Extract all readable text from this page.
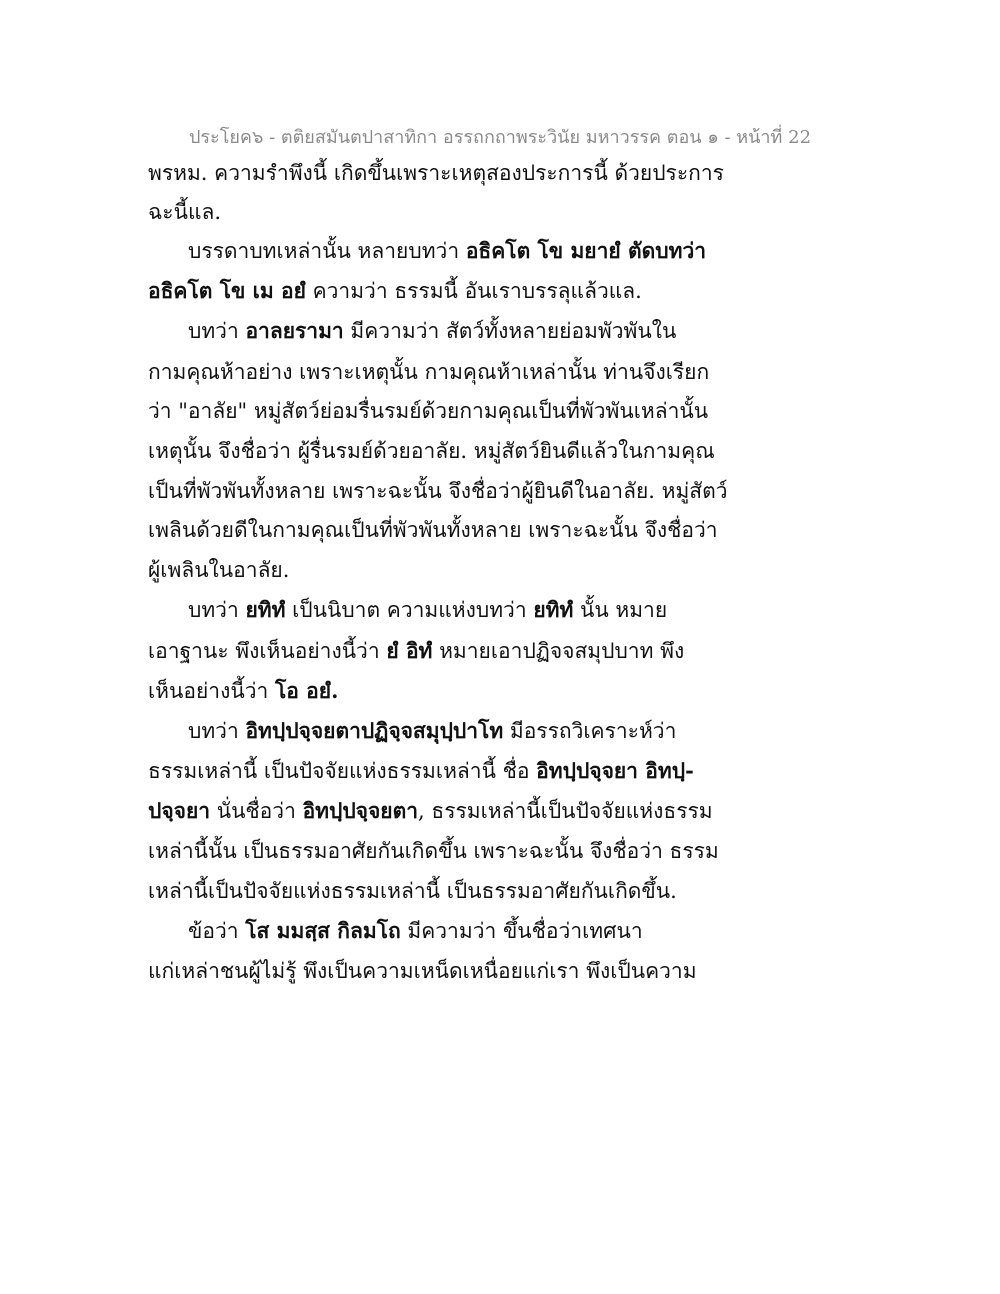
ประโยค๖ - ตติยสมันตปาสาทิกา อรรถกถาพระวินัย มหาวรรค ตอน ๑ - หน้าที่ 22
พรหม. ความรำพึงนี้ เกิดขึ้นเพราะเหตุสองประการนี้ ด้วยประการ
ฉะนี้แล.
บรรดาบทเหล่านั้น หลายบทว่า อธิคโต โข มยายํ ตัดบทว่า
อธิคโต โข เม อยํ ความว่า ธรรมนี้ อันเราบรรลุแล้วแล.
บทว่า อาลยรามา มีความว่า สัตว์ทั้งหลายย่อมพัวพันใน
กามคุณห้าอย่าง เพราะเหตุนั้น กามคุณห้าเหล่านั้น ท่านจึงเรียก
ว่า "อาลัย" หมู่สัตว์ย่อมรื่นรมย์ด้วยกามคุณเป็นที่พัวพันเหล่านั้น
เหตุนั้น จึงชื่อว่า ผู้รื่นรมย์ด้วยอาลัย. หมู่สัตว์ยินดีแล้วในกามคุณ
เป็นที่พัวพันทั้งหลาย เพราะฉะนั้น จึงชื่อว่าผู้ยินดีในอาลัย. หมู่สัตว์
เพลินด้วยดีในกามคุณเป็นที่พัวพันทั้งหลาย เพราะฉะนั้น จึงชื่อว่า
ผู้เพลินในอาลัย.
บทว่า ยทิทํ เป็นนิบาต ความแห่งบทว่า ยทิทํ นั้น หมาย
เอาฐานะ พึงเห็นอย่างนี้ว่า ยํ อิทํ หมายเอาปฏิจจสมุปบาท พึง
เห็นอย่างนี้ว่า โอ อยํ.
บทว่า อิทปฺปจฺจยตาปฏิจฺจสมุปฺปาโท มีอรรถวิเคราะห์ว่า
ธรรมเหล่านี้ เป็นปัจจัยแห่งธรรมเหล่านี้ ชื่อ อิทปฺปจฺจยา อิทปฺ-
ปจฺจยา นั่นชื่อว่า อิทปฺปจฺจยตา, ธรรมเหล่านี้เป็นปัจจัยแห่งธรรม
เหล่านี้นั้น เป็นธรรมอาศัยกันเกิดขึ้น เพราะฉะนั้น จึงชื่อว่า ธรรม
เหล่านี้เป็นปัจจัยแห่งธรรมเหล่านี้ เป็นธรรมอาศัยกันเกิดขึ้น.
ข้อว่า โส มมสฺส กิลมโถ มีความว่า ขึ้นชื่อว่าเทศนา
แก่เหล่าชนผู้ไม่รู้ พึงเป็นความเหน็ดเหนื่อยแก่เรา พึงเป็นความ
